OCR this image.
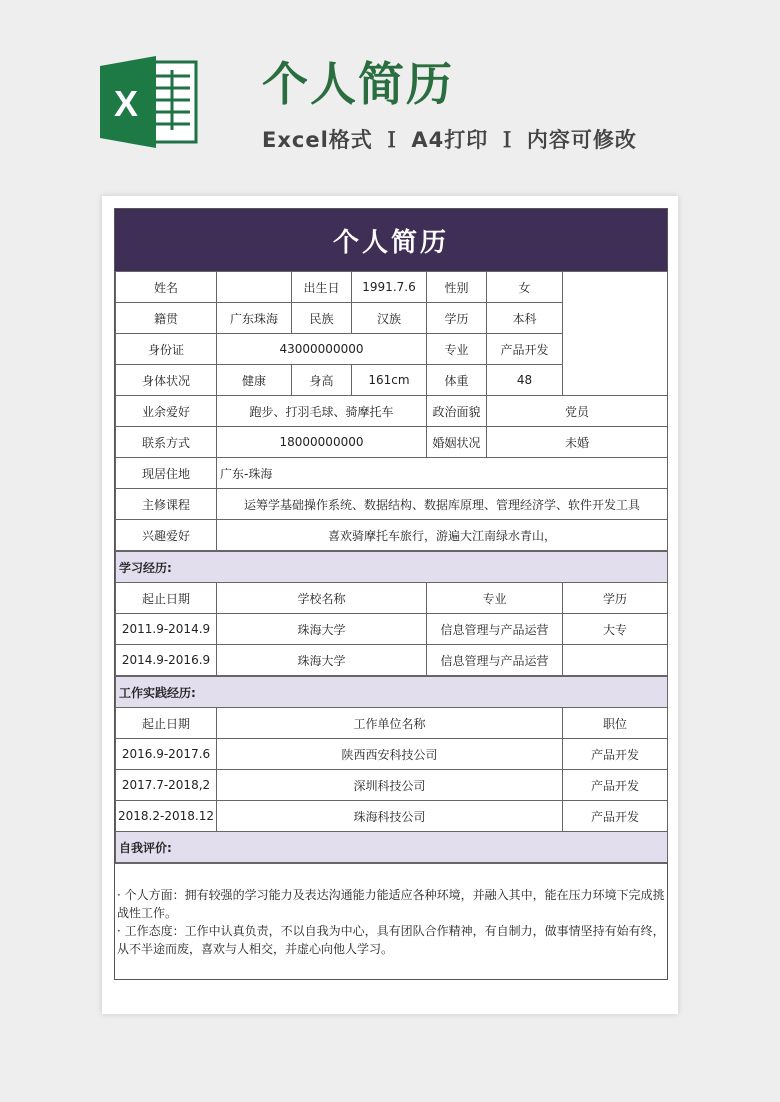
X	个人简历
Excel格式 Ｉ A4打印 Ｉ 内容可修改
个人简历
姓名		出生日	1991.7.6	性别	女	
籍贯	广东珠海	民族	汉族	学历	本科	
身份证	43000000000			专业	产品开发	
身体状况	健康	身高	161cm	体重	48	
业余爱好	跑步、打羽毛球、骑摩托车			政治面貌	党员	
联系方式	18000000000			婚姻状况	未婚	
现居住地	广东-珠海					
主修课程	运筹学基础操作系统、数据结构、数据库原理、管理经济学、软件开发工具					
兴趣爱好	喜欢骑摩托车旅行，游遍大江南绿水青山，					
学习经历:			
起止日期	学校名称	专业	学历
2011.9-2014.9	珠海大学	信息管理与产品运营	大专
2014.9-2016.9	珠海大学	信息管理与产品运营	
工作实践经历:		
起止日期	工作单位名称	职位
2016.9-2017.6	陕西西安科技公司	产品开发
2017.7-2018,2	深圳科技公司	产品开发
2018.2-2018.12	珠海科技公司	产品开发
自我评价:		
· 个人方面：拥有较强的学习能力及表达沟通能力能适应各种环境，并融入其中，能在压力环境下完成挑战性工作。
· 工作态度：工作中认真负责，不以自我为中心，具有团队合作精神，有自制力，做事情坚持有始有终，从不半途而废，喜欢与人相交，并虚心向他人学习。
